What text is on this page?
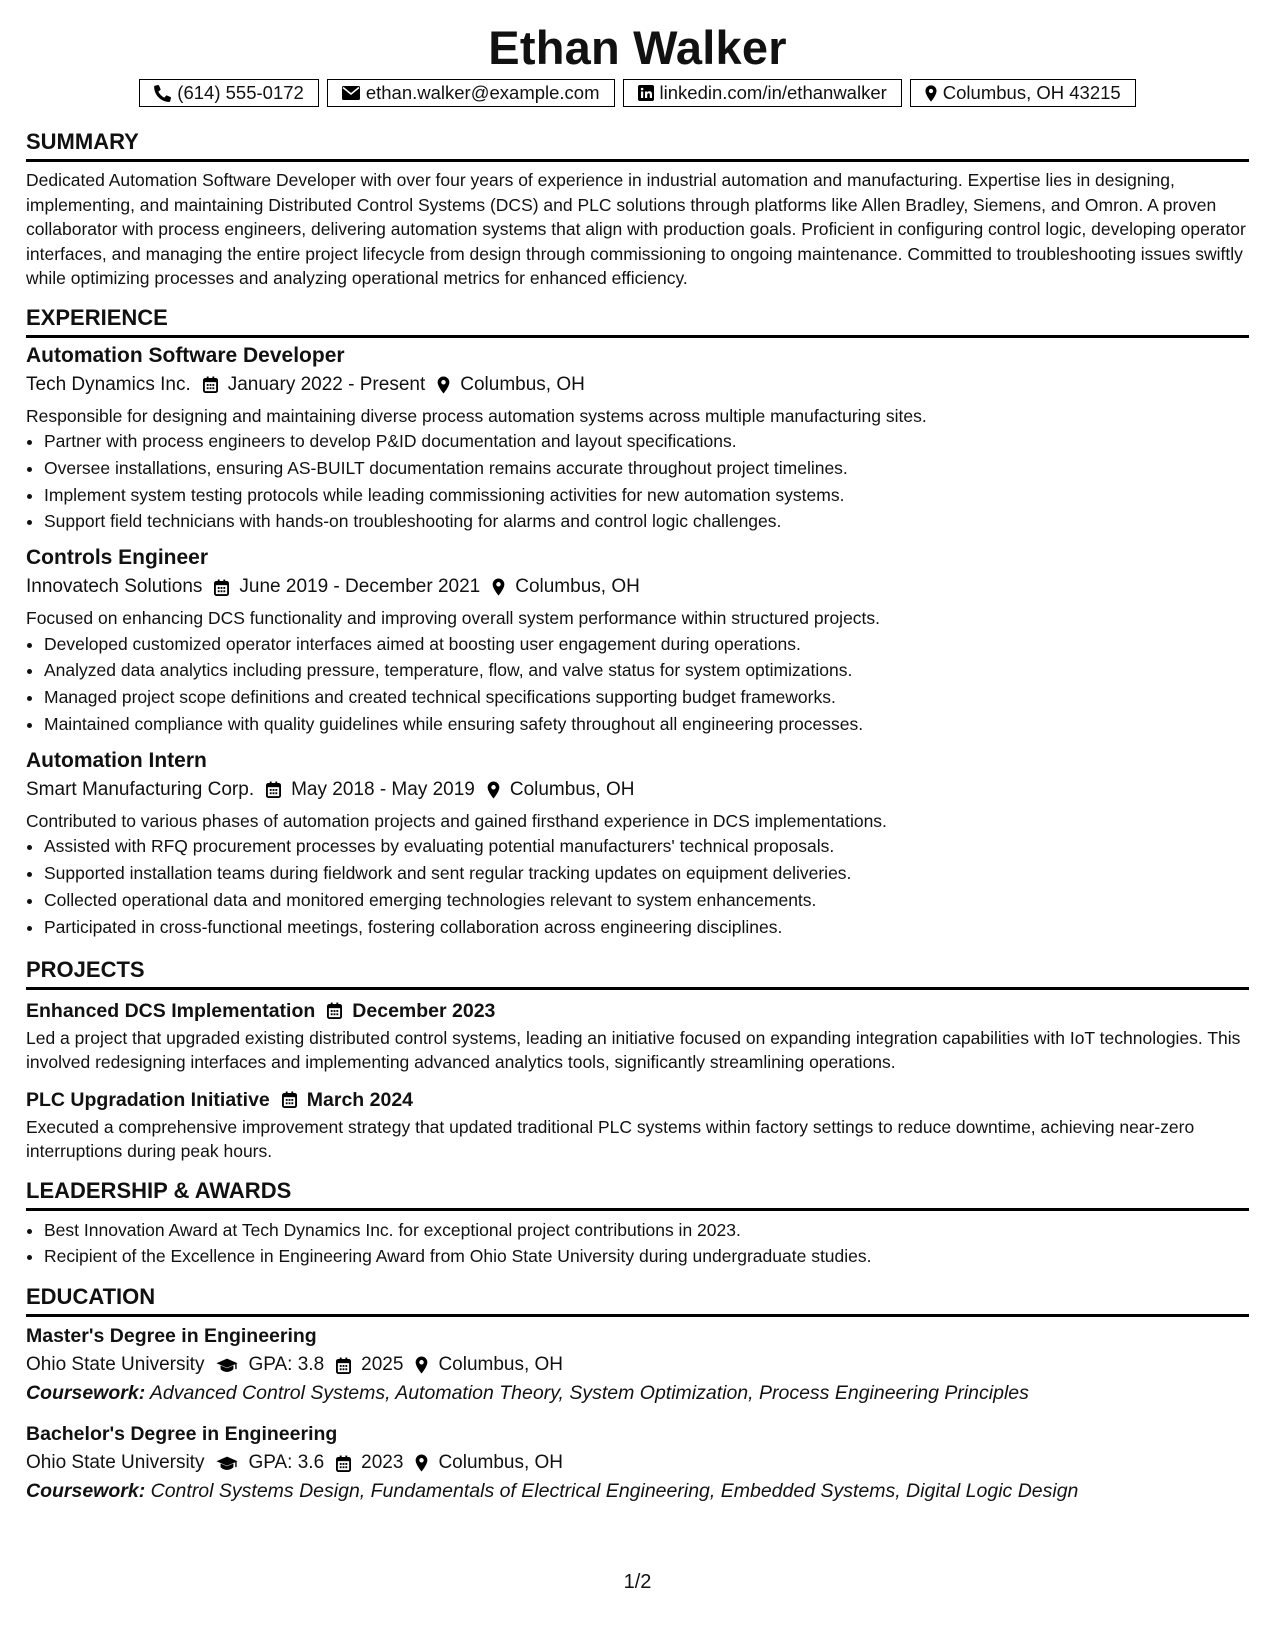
Ethan Walker
(614) 555-0172	ethan.walker@example.com	linkedin.com/in/ethanwalker	Columbus, OH 43215
SUMMARY

Dedicated Automation Software Developer with over four years of experience in industrial automation and manufacturing. Expertise lies in designing, implementing, and maintaining Distributed Control Systems (DCS) and PLC solutions through platforms like Allen Bradley, Siemens, and Omron. A proven collaborator with process engineers, delivering automation systems that align with production goals. Proficient in configuring control logic, developing operator interfaces, and managing the entire project lifecycle from design through commissioning to ongoing maintenance. Committed to troubleshooting issues swiftly while optimizing processes and analyzing operational metrics for enhanced efficiency.

EXPERIENCE
Automation Software Developer
Tech Dynamics Inc. January 2022 - Present Columbus, OH

Responsible for designing and maintaining diverse process automation systems across multiple manufacturing sites.

• Partner with process engineers to develop P&ID documentation and layout specifications.
• Oversee installations, ensuring AS-BUILT documentation remains accurate throughout project timelines.
• Implement system testing protocols while leading commissioning activities for new automation systems.
• Support field technicians with hands-on troubleshooting for alarms and control logic challenges.
Controls Engineer
Innovatech Solutions June 2019 - December 2021 Columbus, OH

Focused on enhancing DCS functionality and improving overall system performance within structured projects.

• Developed customized operator interfaces aimed at boosting user engagement during operations.
• Analyzed data analytics including pressure, temperature, flow, and valve status for system optimizations.
• Managed project scope definitions and created technical specifications supporting budget frameworks.
• Maintained compliance with quality guidelines while ensuring safety throughout all engineering processes.
Automation Intern
Smart Manufacturing Corp. May 2018 - May 2019 Columbus, OH

Contributed to various phases of automation projects and gained firsthand experience in DCS implementations.

• Assisted with RFQ procurement processes by evaluating potential manufacturers' technical proposals.
• Supported installation teams during fieldwork and sent regular tracking updates on equipment deliveries.
• Collected operational data and monitored emerging technologies relevant to system enhancements.
• Participated in cross-functional meetings, fostering collaboration across engineering disciplines.
PROJECTS
Enhanced DCS Implementation December 2023

Led a project that upgraded existing distributed control systems, leading an initiative focused on expanding integration capabilities with IoT technologies. This involved redesigning interfaces and implementing advanced analytics tools, significantly streamlining operations.

PLC Upgradation Initiative March 2024

Executed a comprehensive improvement strategy that updated traditional PLC systems within factory settings to reduce downtime, achieving near-zero interruptions during peak hours.

LEADERSHIP & AWARDS
• Best Innovation Award at Tech Dynamics Inc. for exceptional project contributions in 2023.
• Recipient of the Excellence in Engineering Award from Ohio State University during undergraduate studies.
EDUCATION
Master's Degree in Engineering
Ohio State University GPA: 3.8 2025 Columbus, OH
Coursework: Advanced Control Systems, Automation Theory, System Optimization, Process Engineering Principles
Bachelor's Degree in Engineering
Ohio State University GPA: 3.6 2023 Columbus, OH
Coursework: Control Systems Design, Fundamentals of Electrical Engineering, Embedded Systems, Digital Logic Design
1/2
